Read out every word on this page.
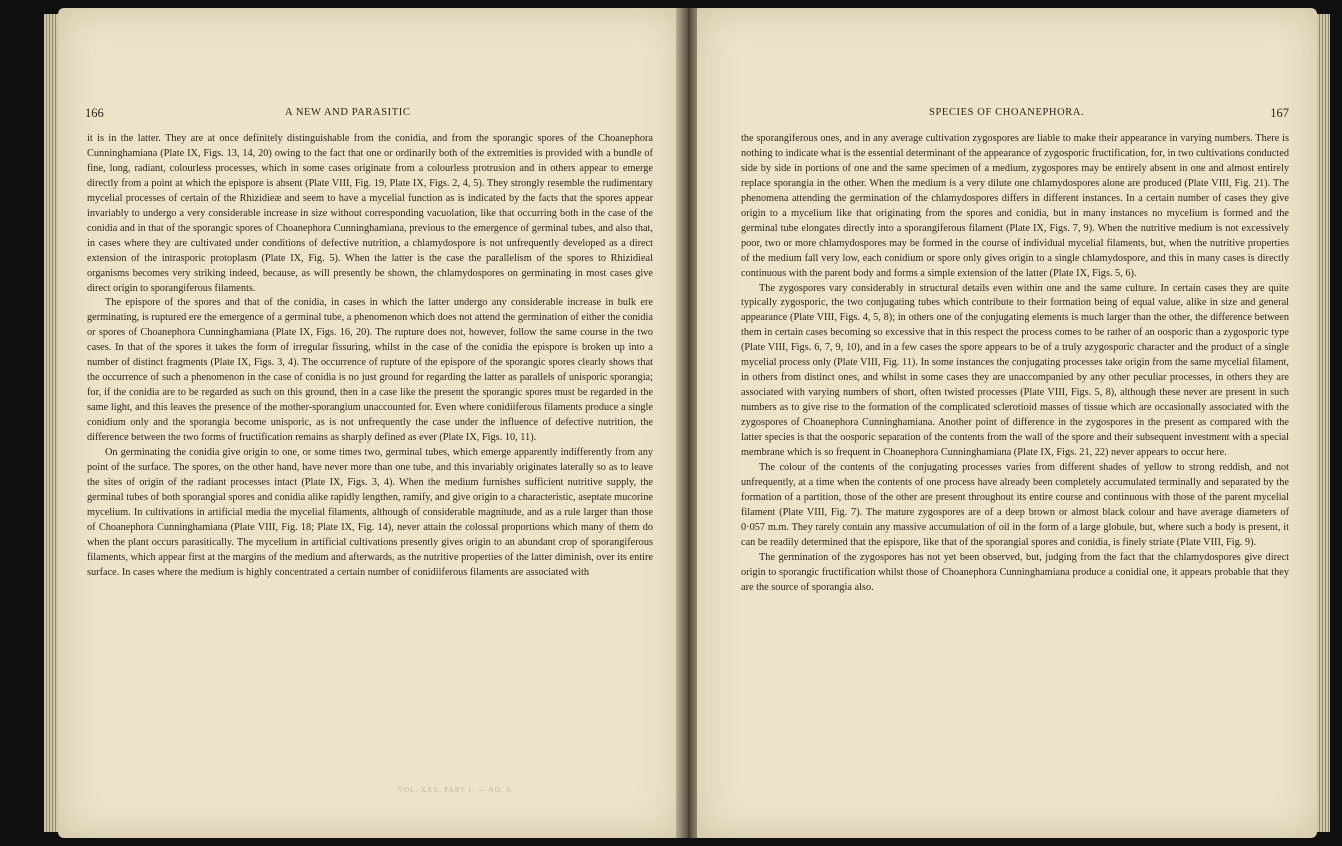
166	A NEW AND PARASITIC

it is in the latter. They are at once definitely distinguishable from the conidia, and from the sporangic spores of the Choanephora Cunninghamiana (Plate IX, Figs. 13, 14, 20) owing to the fact that one or ordinarily both of the extremities is provided with a bundle of fine, long, radiant, colourless processes, which in some cases originate from a colourless protrusion and in others appear to emerge directly from a point at which the epispore is absent (Plate VIII, Fig. 19, Plate IX, Figs. 2, 4, 5). They strongly resemble the rudimentary mycelial processes of certain of the Rhizidieæ and seem to have a mycelial function as is indicated by the facts that the spores appear invariably to undergo a very considerable increase in size without corresponding vacuolation, like that occurring both in the case of the conidia and in that of the sporangic spores of Choanephora Cunninghamiana, previous to the emergence of germinal tubes, and also that, in cases where they are cultivated under conditions of defective nutrition, a chlamydospore is not unfrequently developed as a direct extension of the intrasporic protoplasm (Plate IX, Fig. 5). When the latter is the case the parallelism of the spores to Rhizidieal organisms becomes very striking indeed, because, as will presently be shown, the chlamydospores on germinating in most cases give direct origin to sporangiferous filaments.

The epispore of the spores and that of the conidia, in cases in which the latter undergo any considerable increase in bulk ere germinating, is ruptured ere the emergence of a germinal tube, a phenomenon which does not attend the germination of either the conidia or spores of Choanephora Cunninghamiana (Plate IX, Figs. 16, 20). The rupture does not, however, follow the same course in the two cases. In that of the spores it takes the form of irregular fissuring, whilst in the case of the conidia the epispore is broken up into a number of distinct fragments (Plate IX, Figs. 3, 4). The occurrence of rupture of the epispore of the sporangic spores clearly shows that the occurrence of such a phenomenon in the case of conidia is no just ground for regarding the latter as parallels of unisporic sporangia; for, if the conidia are to be regarded as such on this ground, then in a case like the present the sporangic spores must be regarded in the same light, and this leaves the presence of the mother-sporangium unaccounted for. Even where conidiiferous filaments produce a single conidium only and the sporangia become unisporic, as is not unfrequently the case under the influence of defective nutrition, the difference between the two forms of fructification remains as sharply defined as ever (Plate IX, Figs. 10, 11).

On germinating the conidia give origin to one, or some times two, germinal tubes, which emerge apparently indifferently from any point of the surface. The spores, on the other hand, have never more than one tube, and this invariably originates laterally so as to leave the sites of origin of the radiant processes intact (Plate IX, Figs. 3, 4). When the medium furnishes sufficient nutritive supply, the germinal tubes of both sporangial spores and conidia alike rapidly lengthen, ramify, and give origin to a characteristic, aseptate mucorine mycelium. In cultivations in artificial media the mycelial filaments, although of considerable magnitude, and as a rule larger than those of Choanephora Cunninghamiana (Plate VIII, Fig. 18; Plate IX, Fig. 14), never attain the colossal proportions which many of them do when the plant occurs parasitically. The mycelium in artificial cultivations presently gives origin to an abundant crop of sporangiferous filaments, which appear first at the margins of the medium and afterwards, as the nutritive properties of the latter diminish, over its entire surface. In cases where the medium is highly concentrated a certain number of conidiiferous filaments are associated with

VOL. XXX. PART 1. — NO. 8.
SPECIES OF CHOANEPHORA.	167

the sporangiferous ones, and in any average cultivation zygospores are liable to make their appearance in varying numbers. There is nothing to indicate what is the essential determinant of the appearance of zygosporic fructification, for, in two cultivations conducted side by side in portions of one and the same specimen of a medium, zygospores may be entirely absent in one and almost entirely replace sporangia in the other. When the medium is a very dilute one chlamydospores alone are produced (Plate VIII, Fig. 21). The phenomena attending the germination of the chlamydospores differs in different instances. In a certain number of cases they give origin to a mycelium like that originating from the spores and conidia, but in many instances no mycelium is formed and the germinal tube elongates directly into a sporangiferous filament (Plate IX, Figs. 7, 9). When the nutritive medium is not excessively poor, two or more chlamydospores may be formed in the course of individual mycelial filaments, but, when the nutritive properties of the medium fall very low, each conidium or spore only gives origin to a single chlamydospore, and this in many cases is directly continuous with the parent body and forms a simple extension of the latter (Plate IX, Figs. 5, 6).

The zygospores vary considerably in structural details even within one and the same culture. In certain cases they are quite typically zygosporic, the two conjugating tubes which contribute to their formation being of equal value, alike in size and general appearance (Plate VIII, Figs. 4, 5, 8); in others one of the conjugating elements is much larger than the other, the difference between them in certain cases becoming so excessive that in this respect the process comes to be rather of an oosporic than a zygosporic type (Plate VIII, Figs. 6, 7, 9, 10), and in a few cases the spore appears to be of a truly azygosporic character and the product of a single mycelial process only (Plate VIII, Fig. 11). In some instances the conjugating processes take origin from the same mycelial filament, in others from distinct ones, and whilst in some cases they are unaccompanied by any other peculiar processes, in others they are associated with varying numbers of short, often twisted processes (Plate VIII, Figs. 5, 8), although these never are present in such numbers as to give rise to the formation of the complicated sclerotioid masses of tissue which are occasionally associated with the zygospores of Choanephora Cunninghamiana. Another point of difference in the zygospores in the present as compared with the latter species is that the oosporic separation of the contents from the wall of the spore and their subsequent investment with a special membrane which is so frequent in Choanephora Cunninghamiana (Plate IX, Figs. 21, 22) never appears to occur here.

The colour of the contents of the conjugating processes varies from different shades of yellow to strong reddish, and not unfrequently, at a time when the contents of one process have already been completely accumulated terminally and separated by the formation of a partition, those of the other are present throughout its entire course and continuous with those of the parent mycelial filament (Plate VIII, Fig. 7). The mature zygospores are of a deep brown or almost black colour and have average diameters of 0·057 m.m. They rarely contain any massive accumulation of oil in the form of a large globule, but, where such a body is present, it can be readily determined that the epispore, like that of the sporangial spores and conidia, is finely striate (Plate VIII, Fig. 9).

The germination of the zygospores has not yet been observed, but, judging from the fact that the chlamydospores give direct origin to sporangic fructification whilst those of Choanephora Cunninghamiana produce a conidial one, it appears probable that they are the source of sporangia also.
